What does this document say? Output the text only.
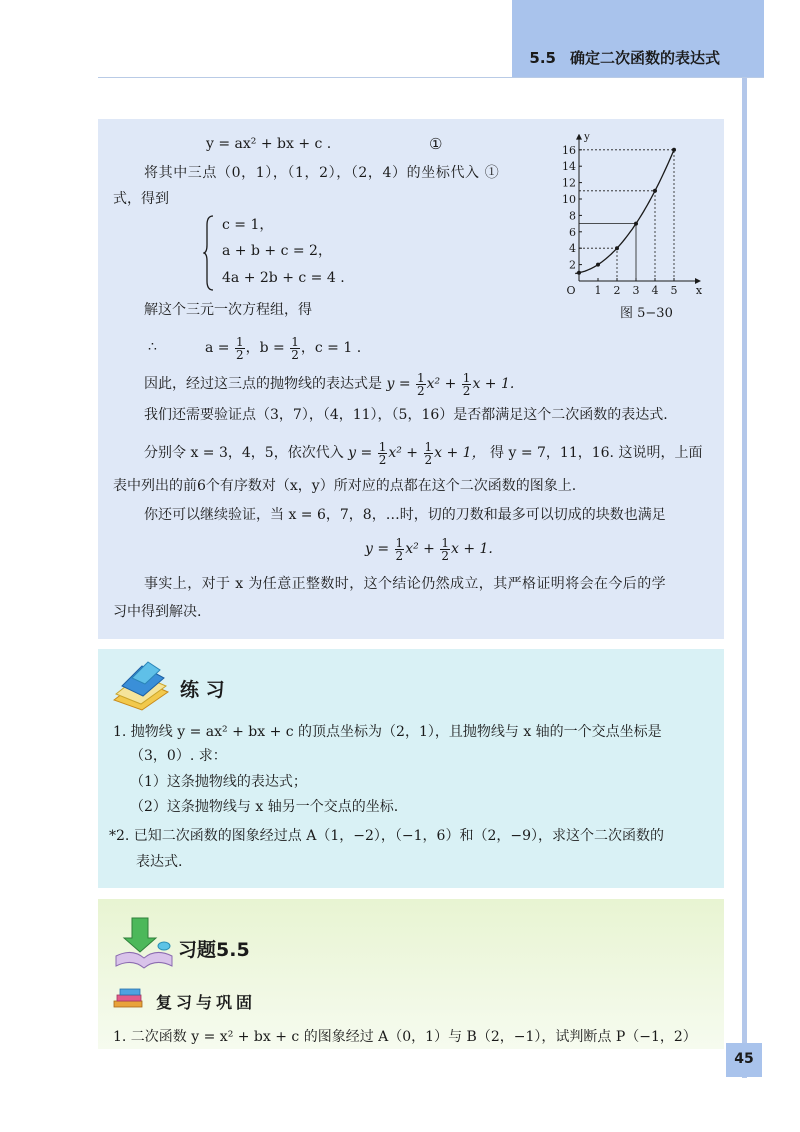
5.5 确定二次函数的表达式
y = ax² + bx + c .	①
将其中三点（0，1），（1，2），（2，4）的坐标代入 ①
式，得到
c = 1，
a + b + c = 2，
4a + 2b + c = 4 .
解这个三元一次方程组，得
∴	$a = \frac{1}{2}$ ，$b = \frac{1}{2}$ ，c = 1 .
因此，经过这三点的抛物线的表达式是 $y = \frac{1}{2} x^2 + \frac{1}{2}$ x + 1.
我们还需要验证点（3，7），（4，11），（5，16）是否都满足这个二次函数的表达式.
分别令 x = 3，4，5，依次代入 $y = \frac{1}{2} x^2 + \frac{1}{2}$ x + 1， 得 y = 7，11，16. 这说明，上面
表中列出的前6个有序数对（x，y）所对应的点都在这个二次函数的图象上.
你还可以继续验证，当 x = 6，7，8，…时，切的刀数和最多可以切成的块数也满足
$y = \frac{1}{2} x^2 + \frac{1}{2}$ x + 1.
事实上，对于 x 为任意正整数时，这个结论仍然成立，其严格证明将会在今后的学
习中得到解决.
1 2 3 4 5
2
4
6
8
10
12
14
16
O	x
y
图 5−30
练 习
1. 抛物线 y = ax² + bx + c 的顶点坐标为（2，1），且抛物线与 x 轴的一个交点坐标是
（3，0）. 求：
（1）这条抛物线的表达式；
（2）这条抛物线与 x 轴另一个交点的坐标.
*2. 已知二次函数的图象经过点 A（1，−2），（−1，6）和（2，−9），求这个二次函数的
表达式.
习题5.5
复习与巩固
1. 二次函数 y = x² + bx + c 的图象经过 A（0，1）与 B（2，−1），试判断点 P（−1，2）
45
